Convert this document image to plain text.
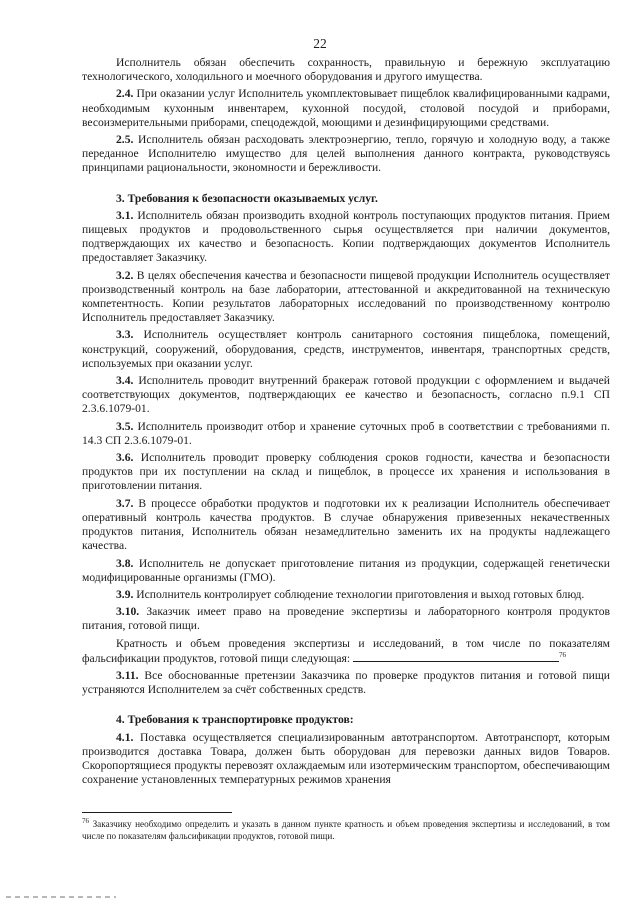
22

Исполнитель обязан обеспечить сохранность, правильную и бережную эксплуатацию технологического, холодильного и моечного оборудования и другого имущества.

2.4. При оказании услуг Исполнитель укомплектовывает пищеблок квалифицированными кадрами, необходимым кухонным инвентарем, кухонной посудой, столовой посудой и приборами, весоизмерительными приборами, спецодеждой, моющими и дезинфицирующими средствами.

2.5. Исполнитель обязан расходовать электроэнергию, тепло, горячую и холодную воду, а также переданное Исполнителю имущество для целей выполнения данного контракта, руководствуясь принципами рациональности, экономности и бережливости.

3. Требования к безопасности оказываемых услуг.

3.1. Исполнитель обязан производить входной контроль поступающих продуктов питания. Прием пищевых продуктов и продовольственного сырья осуществляется при наличии документов, подтверждающих их качество и безопасность. Копии подтверждающих документов Исполнитель предоставляет Заказчику.

3.2. В целях обеспечения качества и безопасности пищевой продукции Исполнитель осуществляет производственный контроль на базе лаборатории, аттестованной и аккредитованной на техническую компетентность. Копии результатов лабораторных исследований по производственному контролю Исполнитель предоставляет Заказчику.

3.3. Исполнитель осуществляет контроль санитарного состояния пищеблока, помещений, конструкций, сооружений, оборудования, средств, инструментов, инвентаря, транспортных средств, используемых при оказании услуг.

3.4. Исполнитель проводит внутренний бракераж готовой продукции с оформлением и выдачей соответствующих документов, подтверждающих ее качество и безопасность, согласно п.9.1 СП 2.3.6.1079-01.

3.5. Исполнитель производит отбор и хранение суточных проб в соответствии с требованиями п. 14.3 СП 2.3.6.1079-01.

3.6. Исполнитель проводит проверку соблюдения сроков годности, качества и безопасности продуктов при их поступлении на склад и пищеблок, в процессе их хранения и использования в приготовлении питания.

3.7. В процессе обработки продуктов и подготовки их к реализации Исполнитель обеспечивает оперативный контроль качества продуктов. В случае обнаружения привезенных некачественных продуктов питания, Исполнитель обязан незамедлительно заменить их на продукты надлежащего качества.

3.8. Исполнитель не допускает приготовление питания из продукции, содержащей генетически модифицированные организмы (ГМО).

3.9. Исполнитель контролирует соблюдение технологии приготовления и выход готовых блюд.

3.10. Заказчик имеет право на проведение экспертизы и лабораторного контроля продуктов питания, готовой пищи.

Кратность и объем проведения экспертизы и исследований, в том числе по показателям фальсификации продуктов, готовой пищи следующая:	$^{76}$

3.11. Все обоснованные претензии Заказчика по проверке продуктов питания и готовой пищи устраняются Исполнителем за счёт собственных средств.

4. Требования к транспортировке продуктов:

4.1. Поставка осуществляется специализированным автотранспортом. Автотранспорт, которым производится доставка Товара, должен быть оборудован для перевозки данных видов Товаров. Скоропортящиеся продукты перевозят охлаждаемым или изотермическим транспортом, обеспечивающим сохранение установленных температурных режимов хранения

$^{76}$ Заказчику необходимо определить и указать в данном пункте кратность и объем проведения экспертизы и исследований, в том числе по показателям фальсификации продуктов, готовой пищи.
